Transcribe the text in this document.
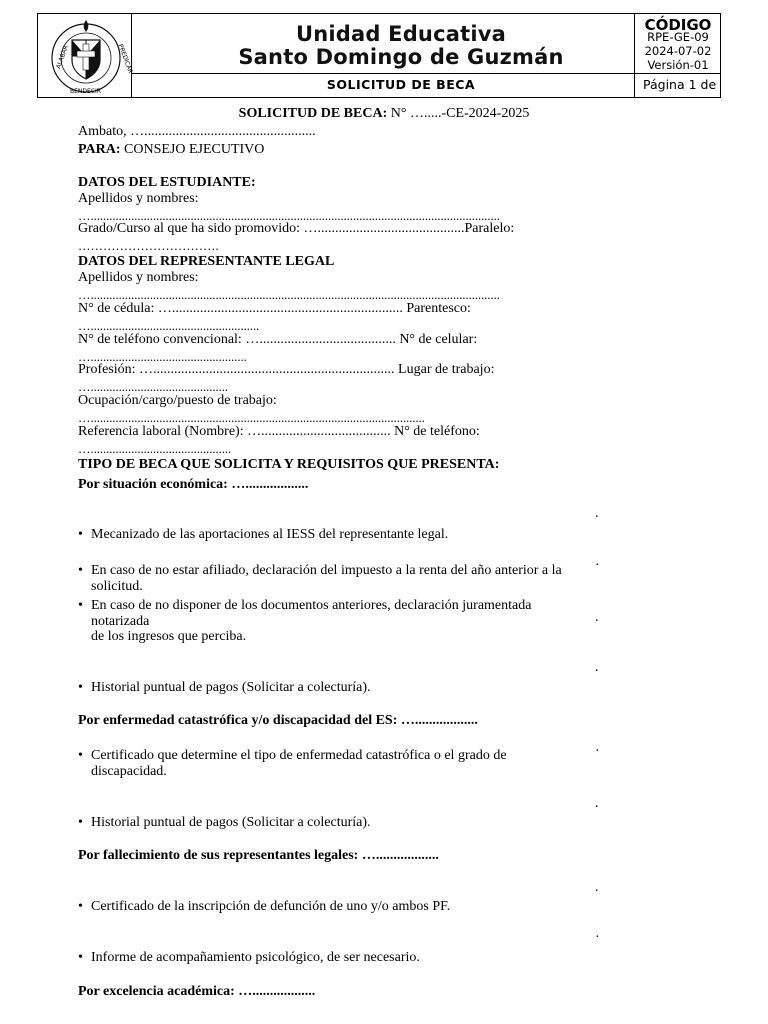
ALABAR	PREDICAR
BENDECIR
Unidad Educativa
Santo Domingo de Guzmán
SOLICITUD DE BECA
CÓDIGO
RPE-GE-09
2024-07-02
Versión-01
Página 1 de
SOLICITUD DE BECA: N° ….....-CE-2024-2025
Ambato, ….................................................
PARA: CONSEJO EJECUTIVO
DATOS DEL ESTUDIANTE:
Apellidos y nombres:
…...................................................................................................................................
Grado/Curso al que ha sido promovido: …..........................................Paralelo:
…………………………….
DATOS DEL REPRESENTANTE LEGAL
Apellidos y nombres:
…...................................................................................................................................
N° de cédula: ….................................................................. Parentesco:
…......................................................
N° de teléfono convencional: …....................................... N° de celular:
…..................................................
Profesión: …..................................................................... Lugar de trabajo:
…............................................
Ocupación/cargo/puesto de trabajo:
…...........................................................................................................
Referencia laboral (Nombre): …..................................... N° de teléfono:
….............................................
TIPO DE BECA QUE SOLICITA Y REQUISITOS QUE PRESENTA:
Por situación económica: …..................
.
• Mecanizado de las aportaciones al IESS del representante legal.
·
• En caso de no estar afiliado, declaración del impuesto a la renta del año anterior a la solicitud.
• En caso de no disponer de los documentos anteriores, declaración juramentada notarizada	.
de los ingresos que perciba.
.
• Historial puntual de pagos (Solicitar a colecturía).
Por enfermedad catastrófica y/o discapacidad del ES: …..................
·
• Certificado que determine el tipo de enfermedad catastrófica o el grado de discapacidad.
.
• Historial puntual de pagos (Solicitar a colecturía).
Por fallecimiento de sus representantes legales: …..................
.
• Certificado de la inscripción de defunción de uno y/o ambos PF.
·
• Informe de acompañamiento psicológico, de ser necesario.
Por excelencia académica: …..................
